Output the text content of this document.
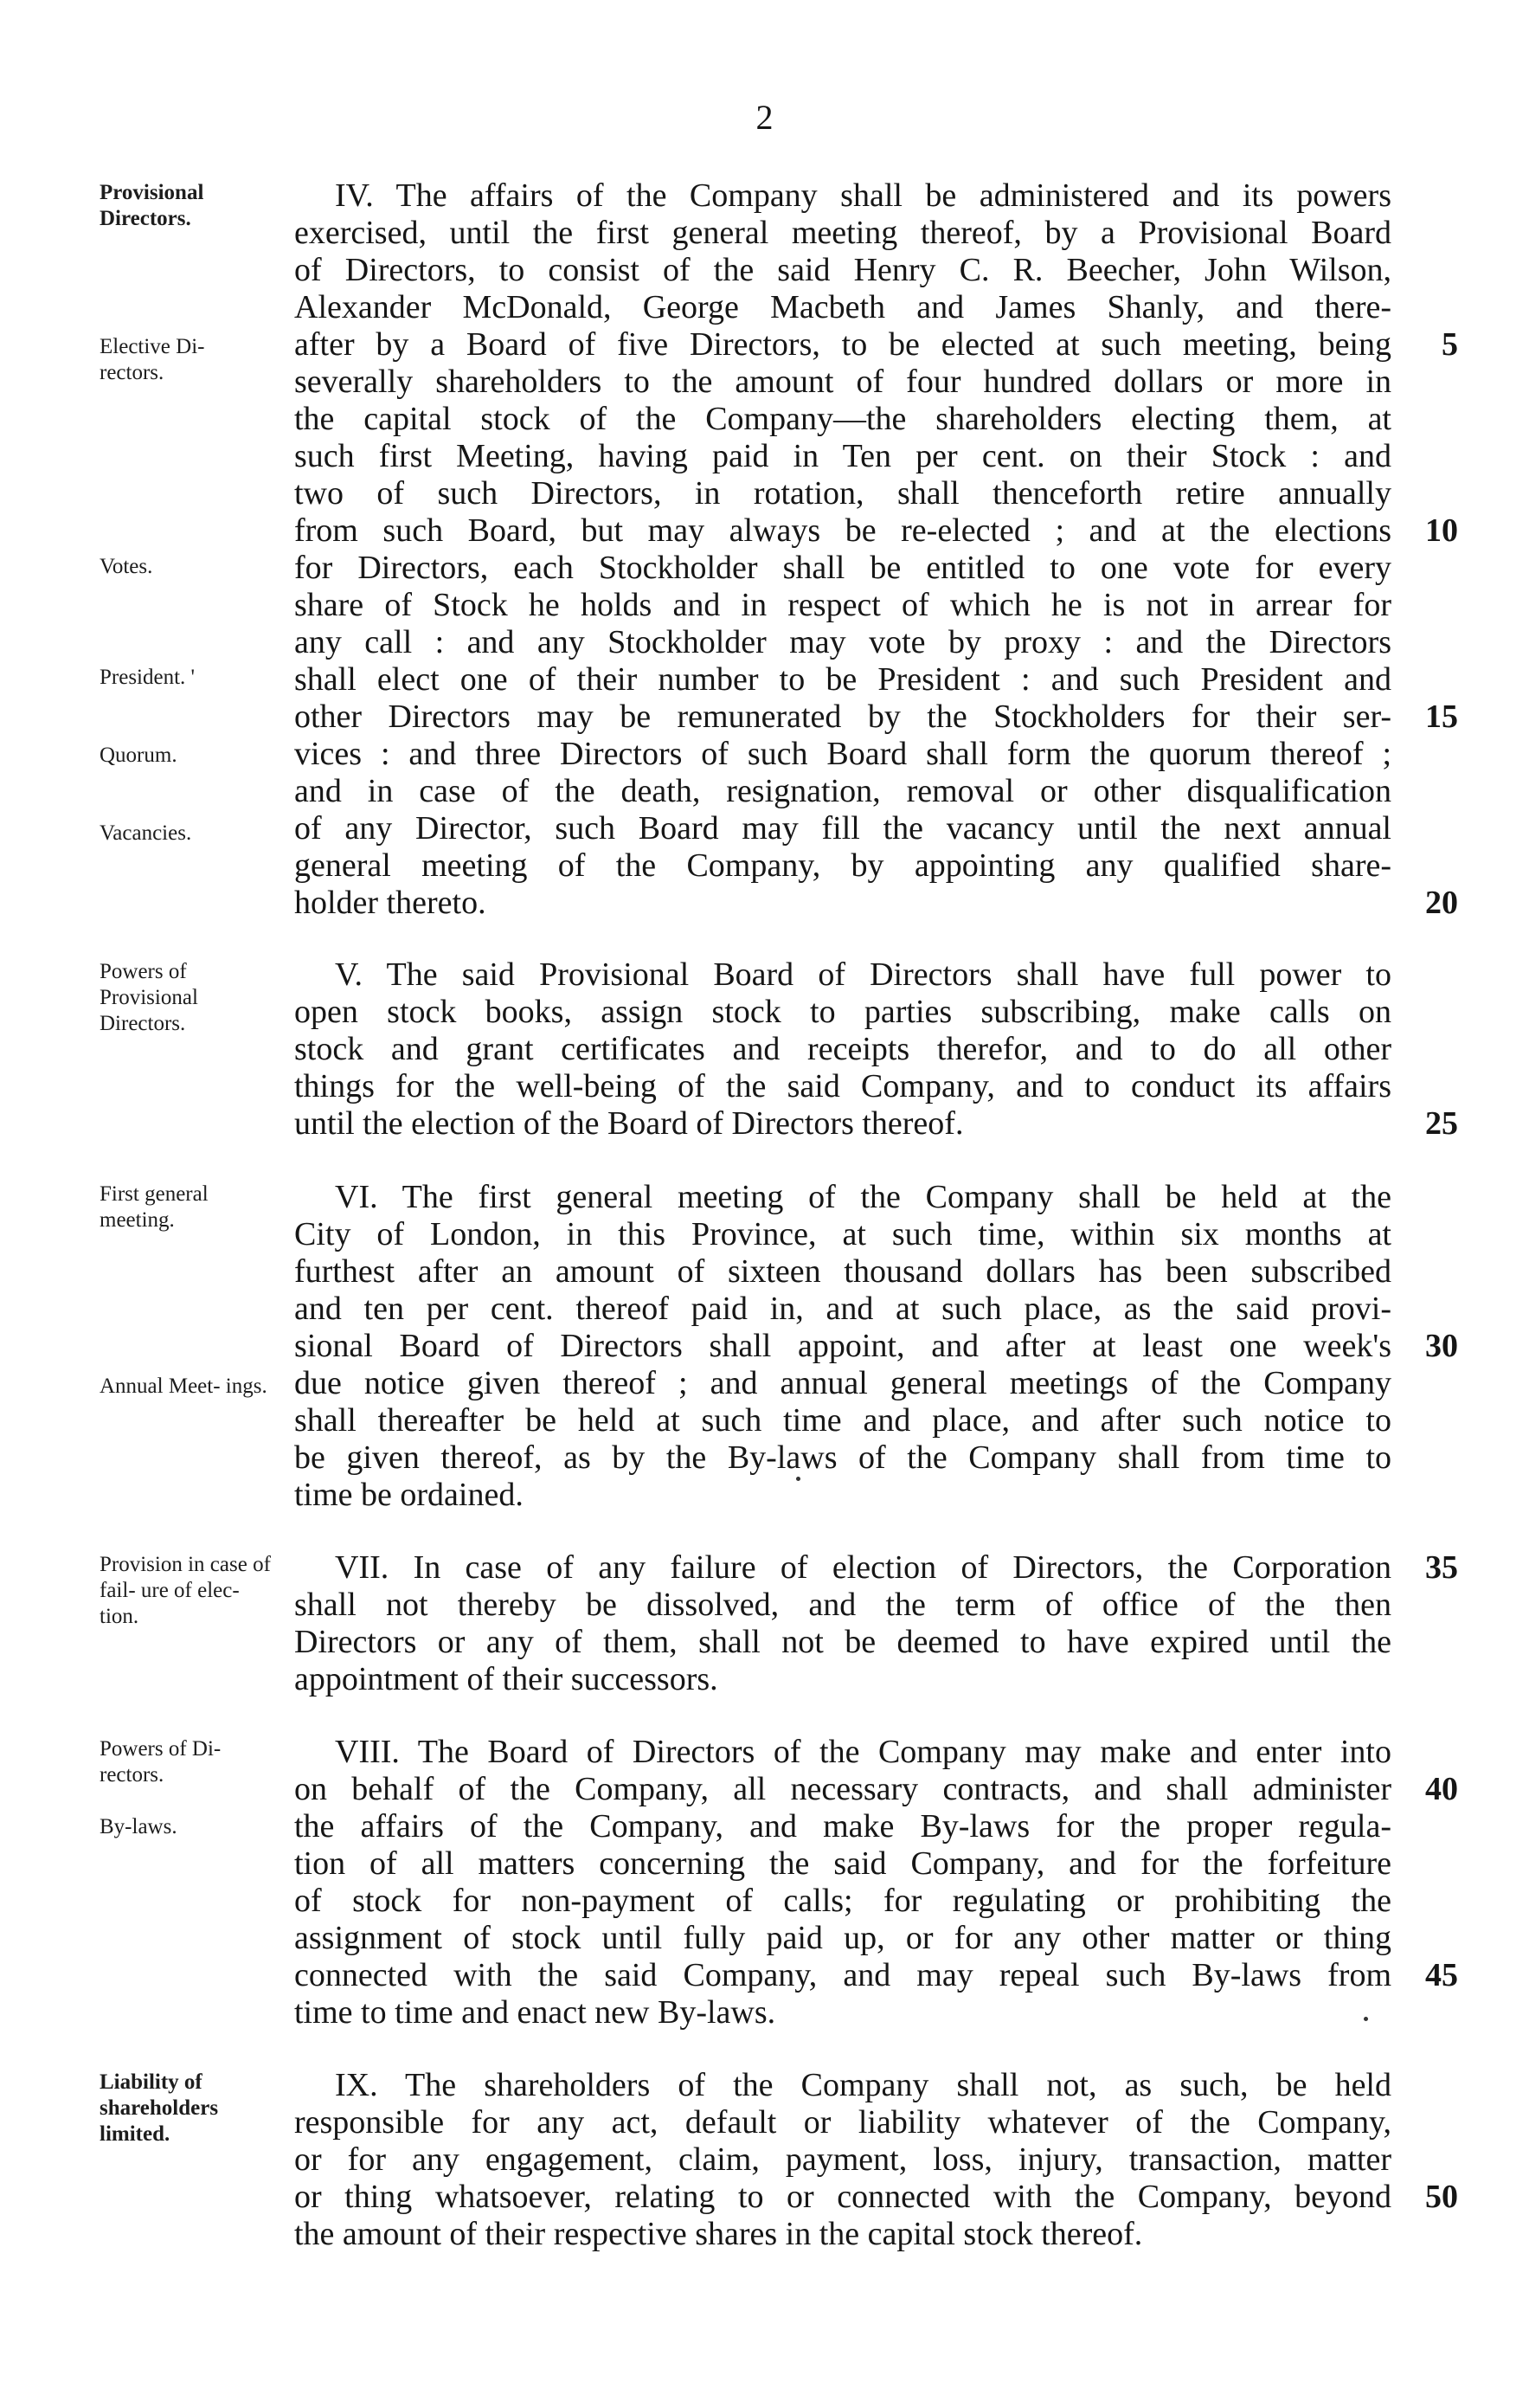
2
Provisional Directors.
Elective Di- rectors.
Votes.
President. '
Quorum.
Vacancies.
IV. The affairs of the Company shall be administered and its powers
exercised, until the first general meeting thereof, by a Provisional Board
of Directors, to consist of the said Henry C. R. Beecher, John Wilson,
Alexander McDonald, George Macbeth and James Shanly, and there-
after by a Board of five Directors, to be elected at such meeting, being
severally shareholders to the amount of four hundred dollars or more in
the capital stock of the Company—the shareholders electing them, at
such first Meeting, having paid in Ten per cent. on their Stock : and
two of such Directors, in rotation, shall thenceforth retire annually
from such Board, but may always be re-elected ; and at the elections
for Directors, each Stockholder shall be entitled to one vote for every
share of Stock he holds and in respect of which he is not in arrear for
any call : and any Stockholder may vote by proxy : and the Directors
shall elect one of their number to be President : and such President and
other Directors may be remunerated by the Stockholders for their ser-
vices : and three Directors of such Board shall form the quorum thereof ;
and in case of the death, resignation, removal or other disqualification
of any Director, such Board may fill the vacancy until the next annual
general meeting of the Company, by appointing any qualified share-
holder thereto.
5
10
15
20
Powers of Provisional Directors.
V. The said Provisional Board of Directors shall have full power to
open stock books, assign stock to parties subscribing, make calls on
stock and grant certificates and receipts therefor, and to do all other
things for the well-being of the said Company, and to conduct its affairs
until the election of the Board of Directors thereof.	25
First general meeting.
Annual Meet- ings.
VI. The first general meeting of the Company shall be held at the
City of London, in this Province, at such time, within six months at
furthest after an amount of sixteen thousand dollars has been subscribed
and ten per cent. thereof paid in, and at such place, as the said provi-
sional Board of Directors shall appoint, and after at least one week's
due notice given thereof ; and annual general meetings of the Company
shall thereafter be held at such time and place, and after such notice to
be given thereof, as by the By-laws of the Company shall from time to
time be ordained.
30
Provision in case of fail- ure of elec- tion.
VII. In case of any failure of election of Directors, the Corporation
shall not thereby be dissolved, and the term of office of the then
Directors or any of them, shall not be deemed to have expired until the
appointment of their successors.
35
Powers of Di- rectors.
By-laws.
VIII. The Board of Directors of the Company may make and enter into
on behalf of the Company, all necessary contracts, and shall administer
the affairs of the Company, and make By-laws for the proper regula-
tion of all matters concerning the said Company, and for the forfeiture
of stock for non-payment of calls; for regulating or prohibiting the
assignment of stock until fully paid up, or for any other matter or thing
connected with the said Company, and may repeal such By-laws from
time to time and enact new By-laws.
40
45
Liability of shareholders limited.
IX. The shareholders of the Company shall not, as such, be held
responsible for any act, default or liability whatever of the Company,
or for any engagement, claim, payment, loss, injury, transaction, matter
or thing whatsoever, relating to or connected with the Company, beyond
the amount of their respective shares in the capital stock thereof.
50
